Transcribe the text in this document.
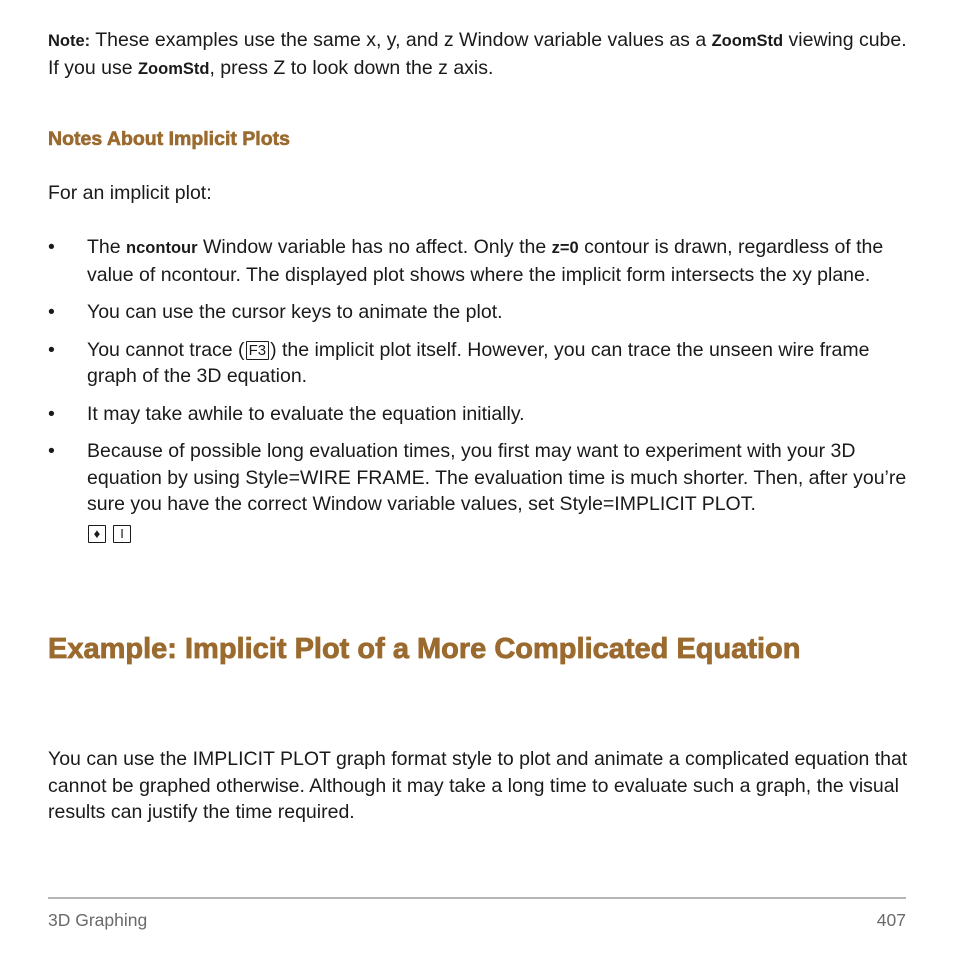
Note: These examples use the same x, y, and z Window variable values as a ZoomStd viewing cube. If you use ZoomStd, press Z to look down the z axis.

Notes About Implicit Plots

For an implicit plot:

• The ncontour Window variable has no affect. Only the z=0 contour is drawn, regardless of the value of ncontour. The displayed plot shows where the implicit form intersects the xy plane.
• You can use the cursor keys to animate the plot.
• You cannot trace ( F3 ) the implicit plot itself. However, you can trace the unseen wire frame graph of the 3D equation.
• It may take awhile to evaluate the equation initially.
• Because of possible long evaluation times, you first may want to experiment with your 3D equation by using Style=WIRE FRAME. The evaluation time is much shorter. Then, after you’re sure you have the correct Window variable values, set Style=IMPLICIT PLOT.
♦ I
Example: Implicit Plot of a More Complicated Equation

You can use the IMPLICIT PLOT graph format style to plot and animate a complicated equation that cannot be graphed otherwise. Although it may take a long time to evaluate such a graph, the visual results can justify the time required.

3D Graphing	407
